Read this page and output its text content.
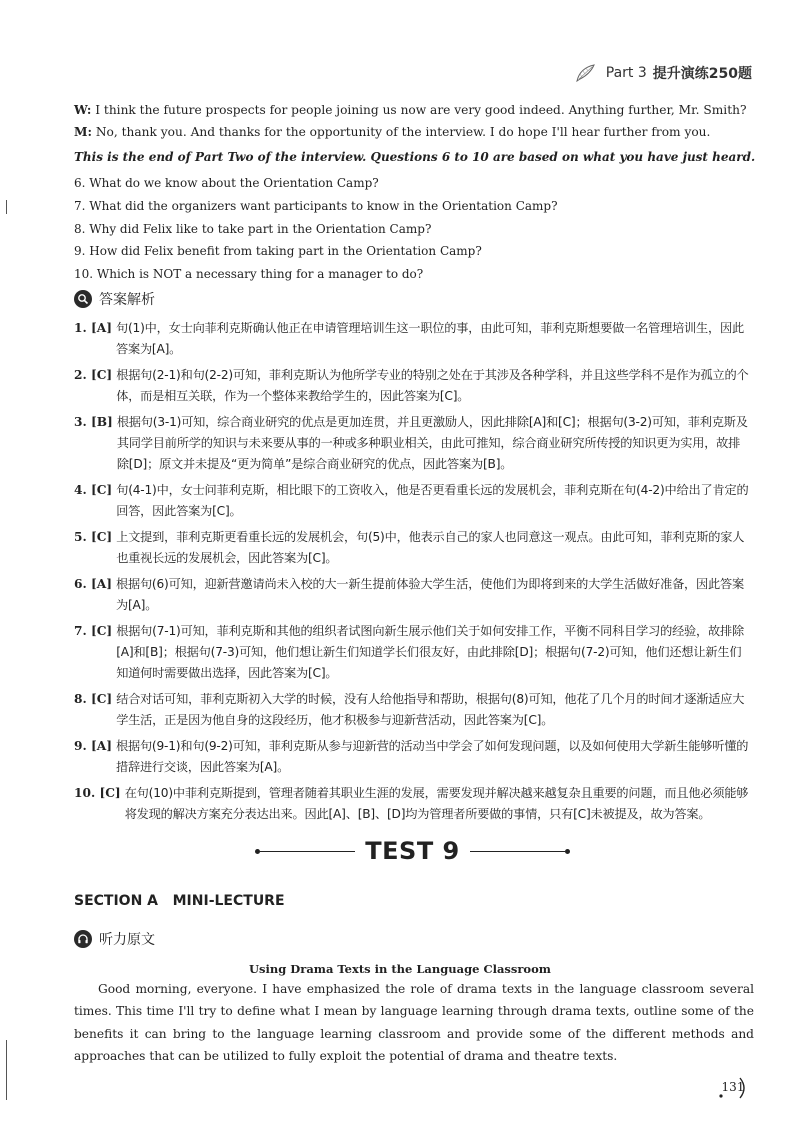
Part 3 提升演练250题
W: I think the future prospects for people joining us now are very good indeed. Anything further, Mr. Smith?
M: No, thank you. And thanks for the opportunity of the interview. I do hope I'll hear further from you.
This is the end of Part Two of the interview. Questions 6 to 10 are based on what you have just heard.
6. What do we know about the Orientation Camp?
7. What did the organizers want participants to know in the Orientation Camp?
8. Why did Felix like to take part in the Orientation Camp?
9. How did Felix benefit from taking part in the Orientation Camp?
10. Which is NOT a necessary thing for a manager to do?
答案解析
1. [A] 句(1)中，女士向菲利克斯确认他正在申请管理培训生这一职位的事，由此可知，菲利克斯想要做一名管理培训生，因此答案为[A]。
2. [C] 根据句(2-1)和句(2-2)可知，菲利克斯认为他所学专业的特别之处在于其涉及各种学科，并且这些学科不是作为孤立的个体，而是相互关联，作为一个整体来教给学生的，因此答案为[C]。
3. [B] 根据句(3-1)可知，综合商业研究的优点是更加连贯，并且更激励人，因此排除[A]和[C]；根据句(3-2)可知，菲利克斯及其同学目前所学的知识与未来要从事的一种或多种职业相关，由此可推知，综合商业研究所传授的知识更为实用，故排除[D]；原文并未提及“更为简单”是综合商业研究的优点，因此答案为[B]。
4. [C] 句(4-1)中，女士问菲利克斯，相比眼下的工资收入，他是否更看重长远的发展机会，菲利克斯在句(4-2)中给出了肯定的回答，因此答案为[C]。
5. [C] 上文提到，菲利克斯更看重长远的发展机会，句(5)中，他表示自己的家人也同意这一观点。由此可知，菲利克斯的家人也重视长远的发展机会，因此答案为[C]。
6. [A] 根据句(6)可知，迎新营邀请尚未入校的大一新生提前体验大学生活，使他们为即将到来的大学生活做好准备，因此答案为[A]。
7. [C] 根据句(7-1)可知，菲利克斯和其他的组织者试图向新生展示他们关于如何安排工作，平衡不同科目学习的经验，故排除[A]和[B]；根据句(7-3)可知，他们想让新生们知道学长们很友好，由此排除[D]；根据句(7-2)可知，他们还想让新生们知道何时需要做出选择，因此答案为[C]。
8. [C] 结合对话可知，菲利克斯初入大学的时候，没有人给他指导和帮助，根据句(8)可知，他花了几个月的时间才逐渐适应大学生活，正是因为他自身的这段经历，他才积极参与迎新营活动，因此答案为[C]。
9. [A] 根据句(9-1)和句(9-2)可知，菲利克斯从参与迎新营的活动当中学会了如何发现问题，以及如何使用大学新生能够听懂的措辞进行交谈，因此答案为[A]。
10. [C] 在句(10)中菲利克斯提到，管理者随着其职业生涯的发展，需要发现并解决越来越复杂且重要的问题，而且他必须能够将发现的解决方案充分表达出来。因此[A]、[B]、[D]均为管理者所要做的事情，只有[C]未被提及，故为答案。
TEST 9
SECTION A   MINI-LECTURE
听力原文
Using Drama Texts in the Language Classroom

Good morning, everyone. I have emphasized the role of drama texts in the language classroom several times. This time I'll try to define what I mean by language learning through drama texts, outline some of the benefits it can bring to the language learning classroom and provide some of the different methods and approaches that can be utilized to fully exploit the potential of drama and theatre texts.

131
